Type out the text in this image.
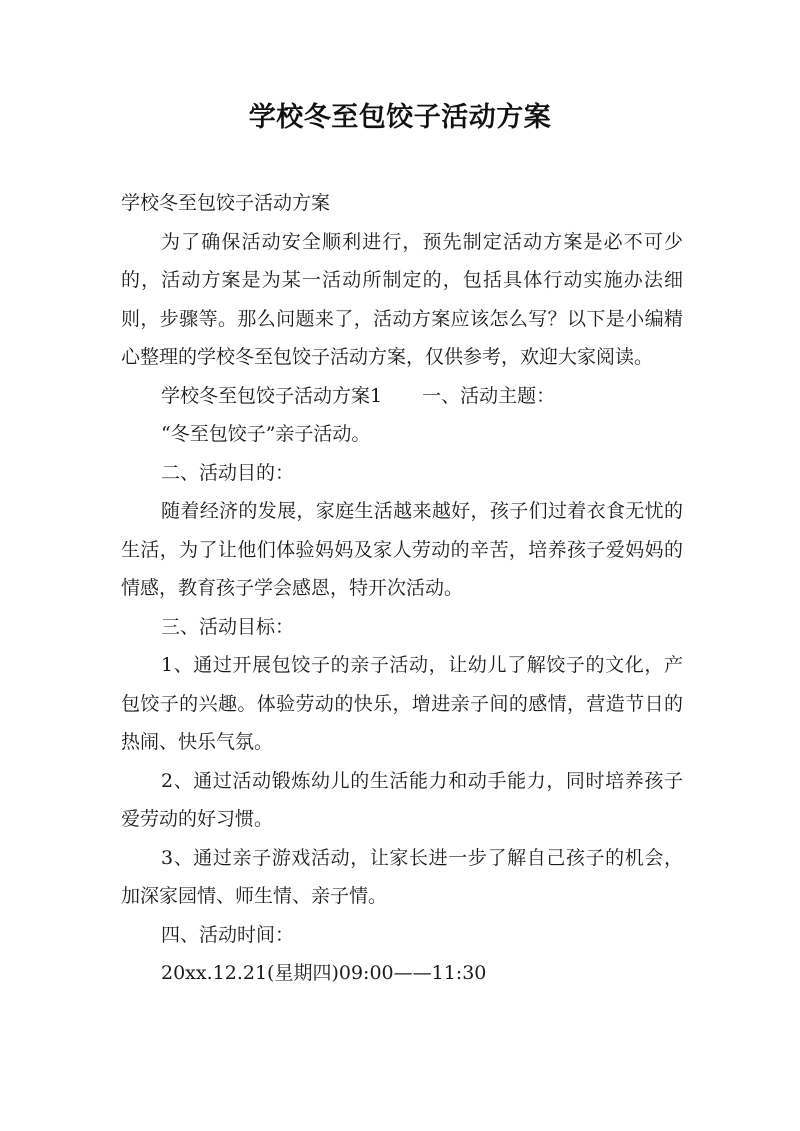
学校冬至包饺子活动方案

学校冬至包饺子活动方案

为了确保活动安全顺利进行，预先制定活动方案是必不可少的，活动方案是为某一活动所制定的，包括具体行动实施办法细则，步骤等。那么问题来了，活动方案应该怎么写？以下是小编精心整理的学校冬至包饺子活动方案，仅供参考，欢迎大家阅读。

学校冬至包饺子活动方案1 一、活动主题：

“冬至包饺子”亲子活动。

二、活动目的：

随着经济的发展，家庭生活越来越好，孩子们过着衣食无忧的生活，为了让他们体验妈妈及家人劳动的辛苦，培养孩子爱妈妈的情感，教育孩子学会感恩，特开次活动。

三、活动目标：

1、通过开展包饺子的亲子活动，让幼儿了解饺子的文化，产包饺子的兴趣。体验劳动的快乐，增进亲子间的感情，营造节日的热闹、快乐气氛。

2、通过活动锻炼幼儿的生活能力和动手能力，同时培养孩子爱劳动的好习惯。

3、通过亲子游戏活动，让家长进一步了解自己孩子的机会，加深家园情、师生情、亲子情。

四、活动时间：

20xx.12.21(星期四)09:00——11:30
